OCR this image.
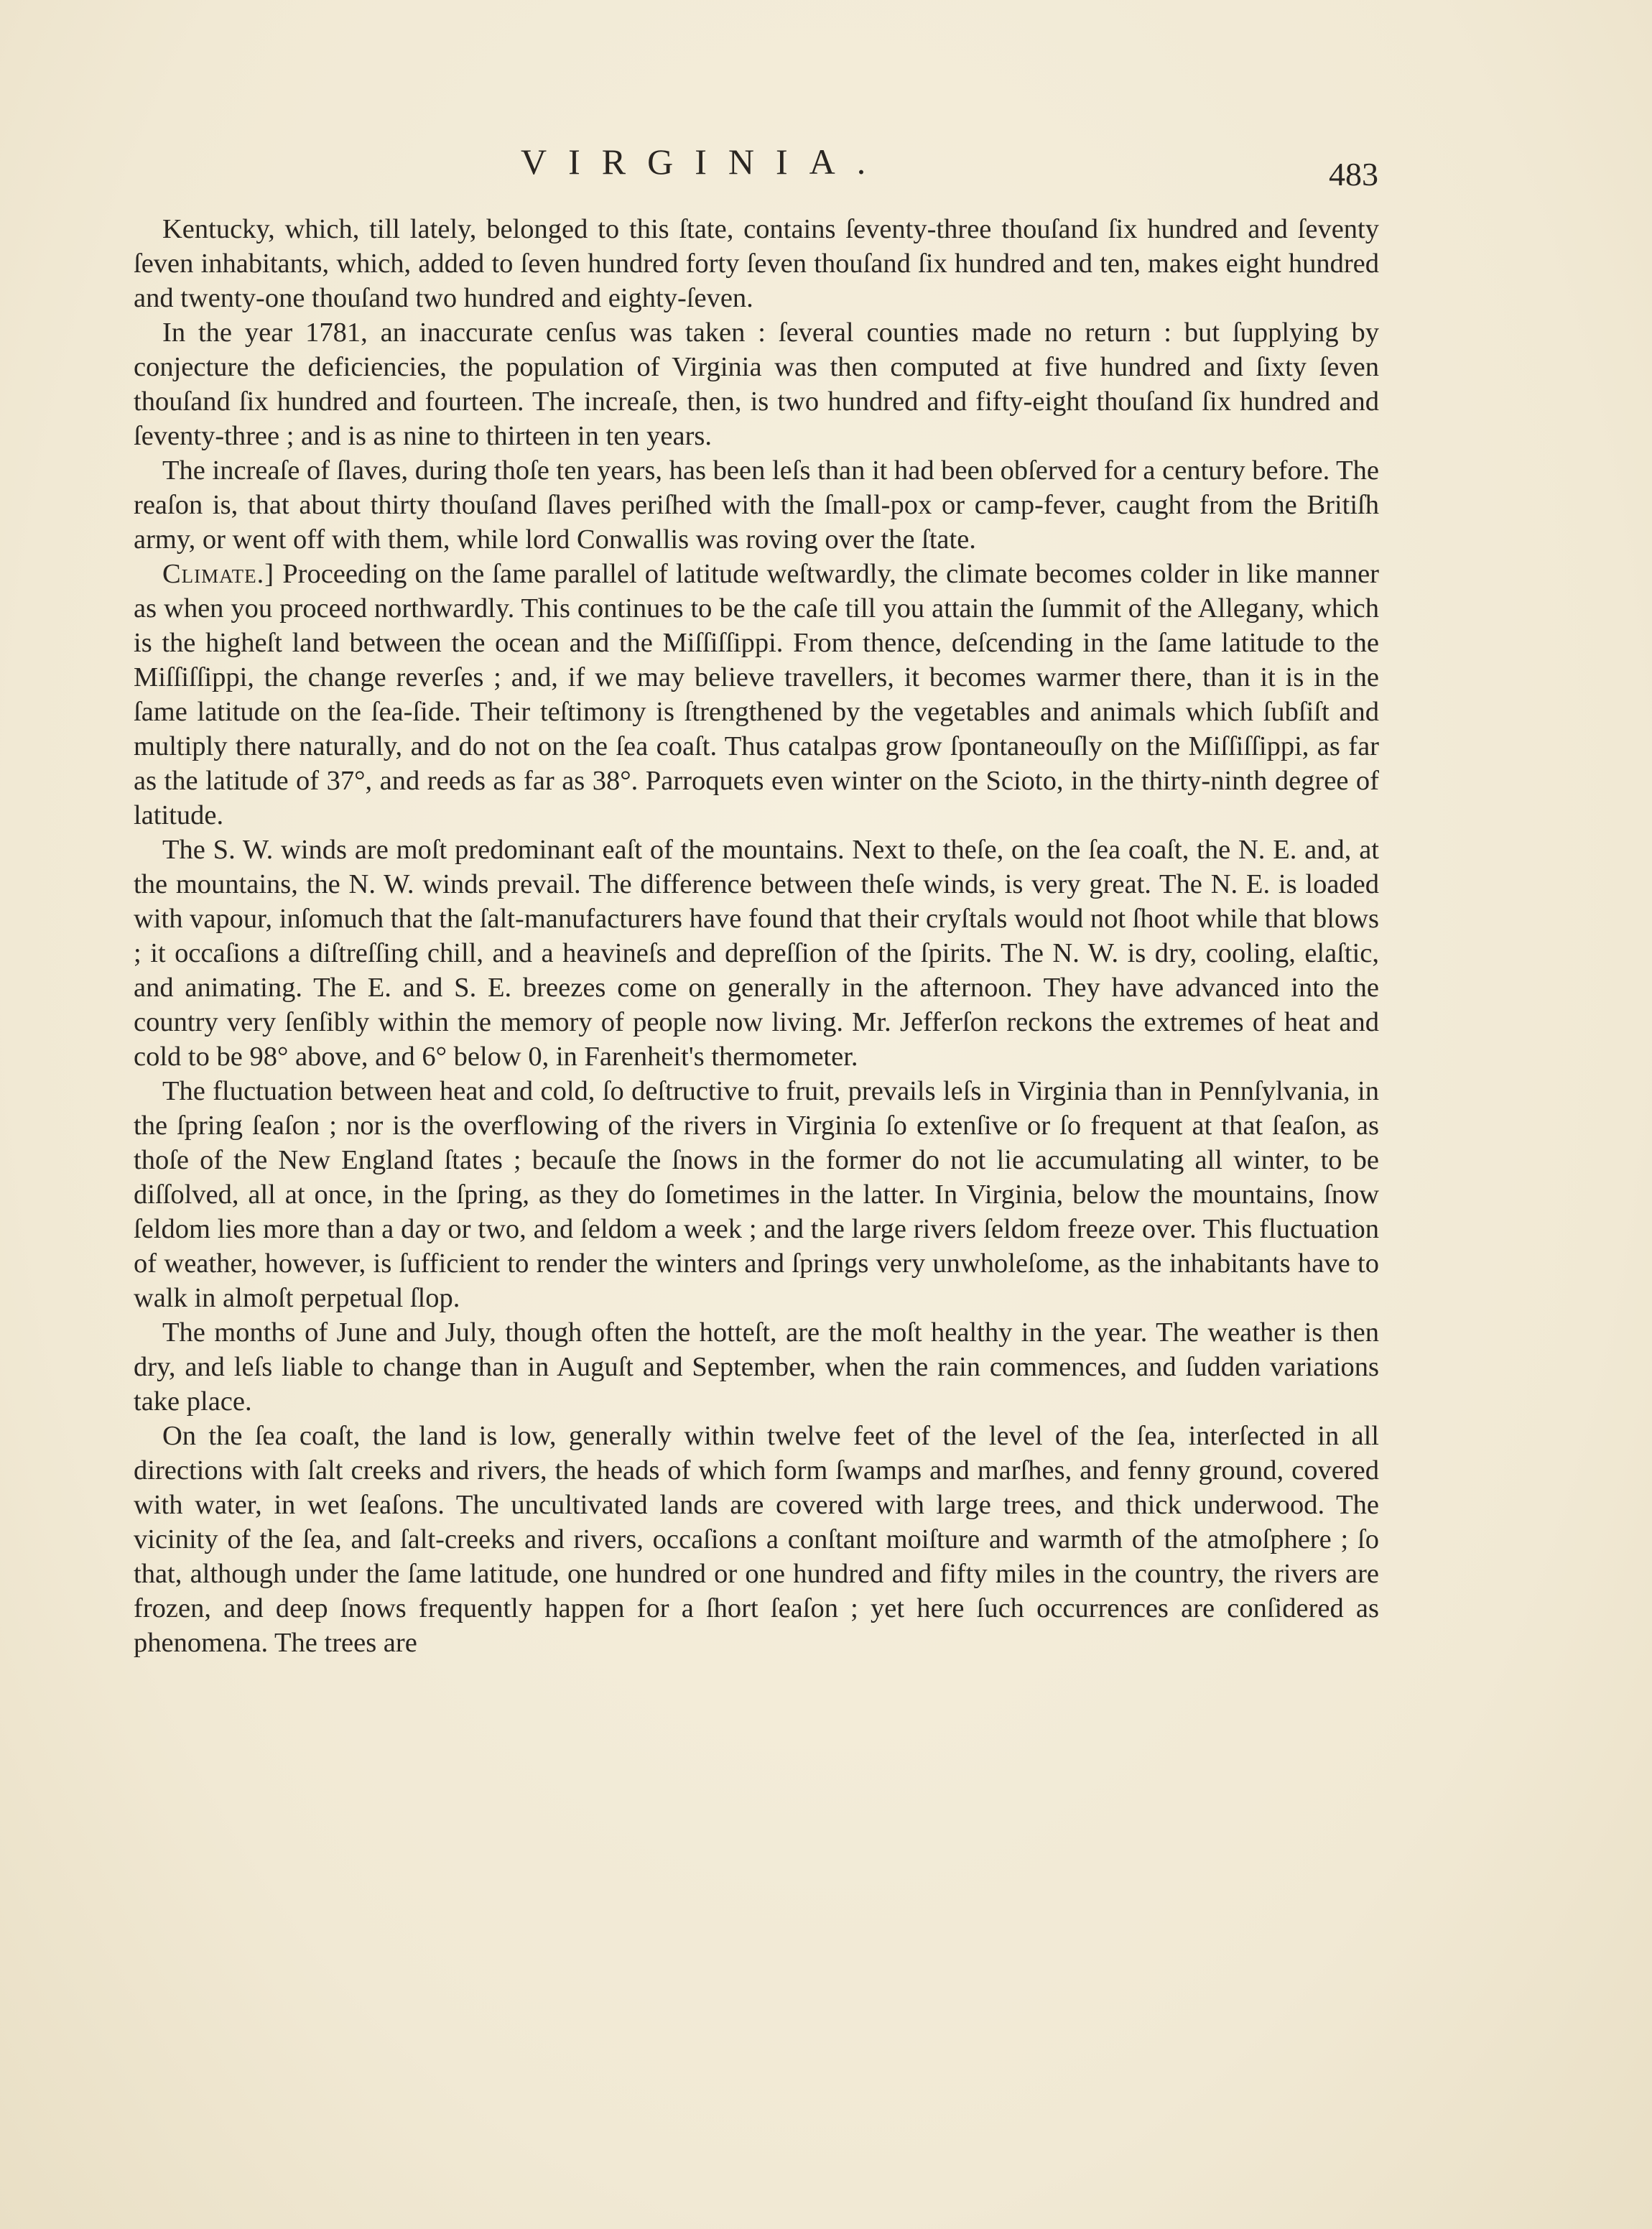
VIRGINIA.	483

Kentucky, which, till lately, belonged to this ſtate, contains ſeventy-three thouſand ſix hundred and ſeventy ſeven inhabitants, which, added to ſeven hundred forty ſeven thouſand ſix hundred and ten, makes eight hundred and twenty-one thouſand two hundred and eighty-ſeven.

In the year 1781, an inaccurate cenſus was taken : ſeveral counties made no return : but ſupplying by conjecture the deficiencies, the population of Virginia was then computed at five hundred and ſixty ſeven thouſand ſix hundred and fourteen. The increaſe, then, is two hundred and fifty-eight thouſand ſix hundred and ſeventy-three ; and is as nine to thirteen in ten years.

The increaſe of ſlaves, during thoſe ten years, has been leſs than it had been obſerved for a century before. The reaſon is, that about thirty thouſand ſlaves periſhed with the ſmall-pox or camp-fever, caught from the Britiſh army, or went off with them, while lord Conwallis was roving over the ſtate.

Climate.] Proceeding on the ſame parallel of latitude weſtwardly, the climate becomes colder in like manner as when you proceed northwardly. This continues to be the caſe till you attain the ſummit of the Allegany, which is the higheſt land between the ocean and the Miſſiſſippi. From thence, deſcending in the ſame latitude to the Miſſiſſippi, the change reverſes ; and, if we may believe travellers, it becomes warmer there, than it is in the ſame latitude on the ſea-ſide. Their teſtimony is ſtrengthened by the vegetables and animals which ſubſiſt and multiply there naturally, and do not on the ſea coaſt. Thus catalpas grow ſpontaneouſly on the Miſſiſſippi, as far as the latitude of 37°, and reeds as far as 38°. Parroquets even winter on the Scioto, in the thirty-ninth degree of latitude.

The S. W. winds are moſt predominant eaſt of the mountains. Next to theſe, on the ſea coaſt, the N. E. and, at the mountains, the N. W. winds prevail. The difference between theſe winds, is very great. The N. E. is loaded with vapour, inſomuch that the ſalt-manufacturers have found that their cryſtals would not ſhoot while that blows ; it occaſions a diſtreſſing chill, and a heavineſs and depreſſion of the ſpirits. The N. W. is dry, cooling, elaſtic, and animating. The E. and S. E. breezes come on generally in the afternoon. They have advanced into the country very ſenſibly within the memory of people now living. Mr. Jefferſon reckons the extremes of heat and cold to be 98° above, and 6° below 0, in Farenheit's thermometer.

The fluctuation between heat and cold, ſo deſtructive to fruit, prevails leſs in Virginia than in Pennſylvania, in the ſpring ſeaſon ; nor is the overflowing of the rivers in Virginia ſo extenſive or ſo frequent at that ſeaſon, as thoſe of the New England ſtates ; becauſe the ſnows in the former do not lie accumulating all winter, to be diſſolved, all at once, in the ſpring, as they do ſometimes in the latter. In Virginia, below the mountains, ſnow ſeldom lies more than a day or two, and ſeldom a week ; and the large rivers ſeldom freeze over. This fluctuation of weather, however, is ſufficient to render the winters and ſprings very unwholeſome, as the inhabitants have to walk in almoſt perpetual ſlop.

The months of June and July, though often the hotteſt, are the moſt healthy in the year. The weather is then dry, and leſs liable to change than in Auguſt and September, when the rain commences, and ſudden variations take place.

On the ſea coaſt, the land is low, generally within twelve feet of the level of the ſea, interſected in all directions with ſalt creeks and rivers, the heads of which form ſwamps and marſhes, and fenny ground, covered with water, in wet ſeaſons. The uncultivated lands are covered with large trees, and thick underwood. The vicinity of the ſea, and ſalt-creeks and rivers, occaſions a conſtant moiſture and warmth of the atmoſphere ; ſo that, although under the ſame latitude, one hundred or one hundred and fifty miles in the country, the rivers are frozen, and deep ſnows frequently happen for a ſhort ſeaſon ; yet here ſuch occurrences are conſidered as phenomena. The trees are
